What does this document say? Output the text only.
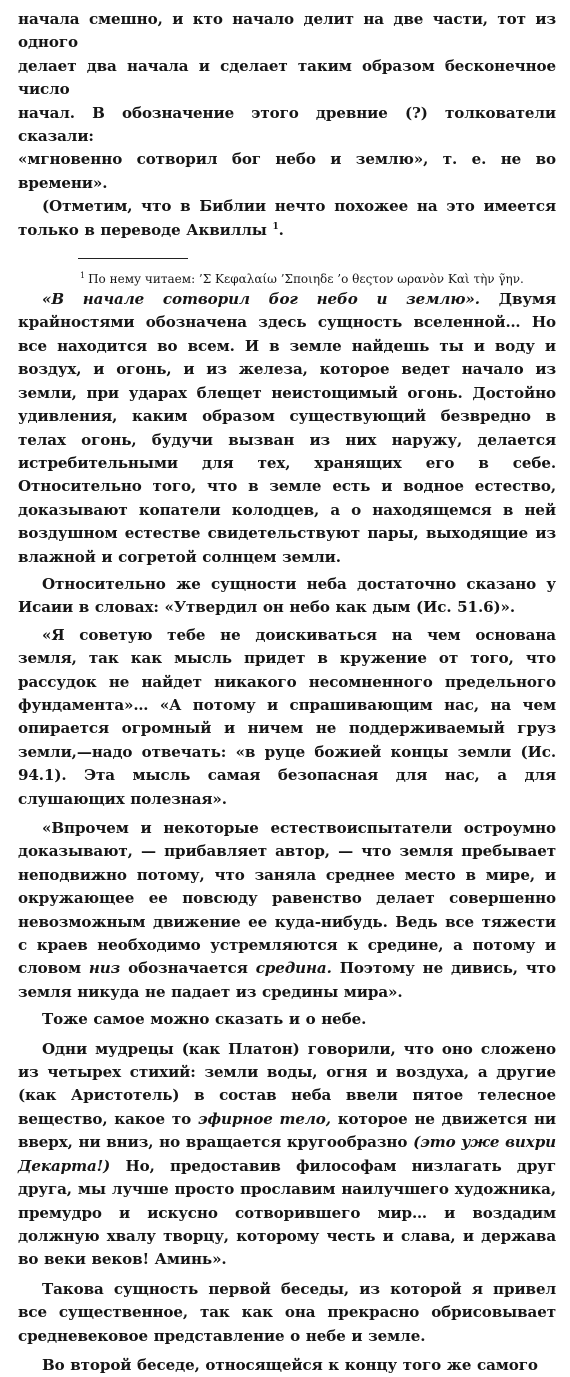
начала смешно, и кто начало делит на две части, тот из одного

делает два начала и сделает таким образом бесконечное число

начал. В обозначение этого древние (?) толкователи сказали:

«мгновенно сотворил бог небо и землю», т. е. не во времени».

(Отметим, что в Библии нечто похожее на это имеется только в переводе Аквиллы $^1$.

$^1$ По нему читаем: ’Σ Κεφαλαίω ’Σποιηδε ’ο θεςτον ωρανὸν Καὶ τὴν γ̃ην.

«В начале сотворил бог небо и землю». Двумя крайностями обозначена здесь сущность вселенной… Но все находится во всем. И в земле найдешь ты и воду и воздух, и огонь, и из железа, которое ведет начало из земли, при ударах блещет неистощимый огонь. Достойно удивления, каким образом существующий безвредно в телах огонь, будучи вызван из них наружу, делается истребительными для тех, хранящих его в себе. Относительно того, что в земле есть и водное естество, доказывают копатели колодцев, а о находящемся в ней воздушном естестве свидетельствуют пары, выходящие из влажной и согретой солнцем земли.

Относительно же сущности неба достаточно сказано у Исаии в словах: «Утвердил он небо как дым (Ис. 51.6)».

«Я советую тебе не доискиваться на чем основана земля, так как мысль придет в кружение от того, что рассудок не найдет никакого несомненного предельного фундамента»… «А потому и спрашивающим нас, на чем опирается огромный и ничем не поддерживаемый груз земли,—надо отвечать: «в руце божией концы земли (Ис. 94.1). Эта мысль самая безопасная для нас, а для слушающих полезная».

«Впрочем и некоторые естествоиспытатели остроумно доказывают, — прибавляет автор, — что земля пребывает неподвижно потому, что заняла среднее место в мире, и окружающее ее повсюду равенство делает совершенно невозможным движение ее куда-нибудь. Ведь все тяжести с краев необходимо устремляются к средине, а потому и словом низ обозначается средина. Поэтому не дивись, что земля никуда не падает из средины мира».

Тоже самое можно сказать и о небе.

Одни мудрецы (как Платон) говорили, что оно сложено из четырех стихий: земли воды, огня и воздуха, а другие (как Аристотель) в состав неба ввели пятое телесное вещество, какое то эфирное тело, которое не движется ни вверх, ни вниз, но вращается кругообразно (это уже вихри Декарта!) Но, предоставив философам низлагать друг друга, мы лучше просто прославим наилучшего художника, премудро и искусно сотворившего мир… и воздадим должную хвалу творцу, которому честь и слава, и держава во веки веков! Аминь».

Такова сущность первой беседы, из которой я привел все существенное, так как она прекрасно обрисовывает средневековое представление о небе и земле.

Во второй беседе, относящейся к концу того же самого
